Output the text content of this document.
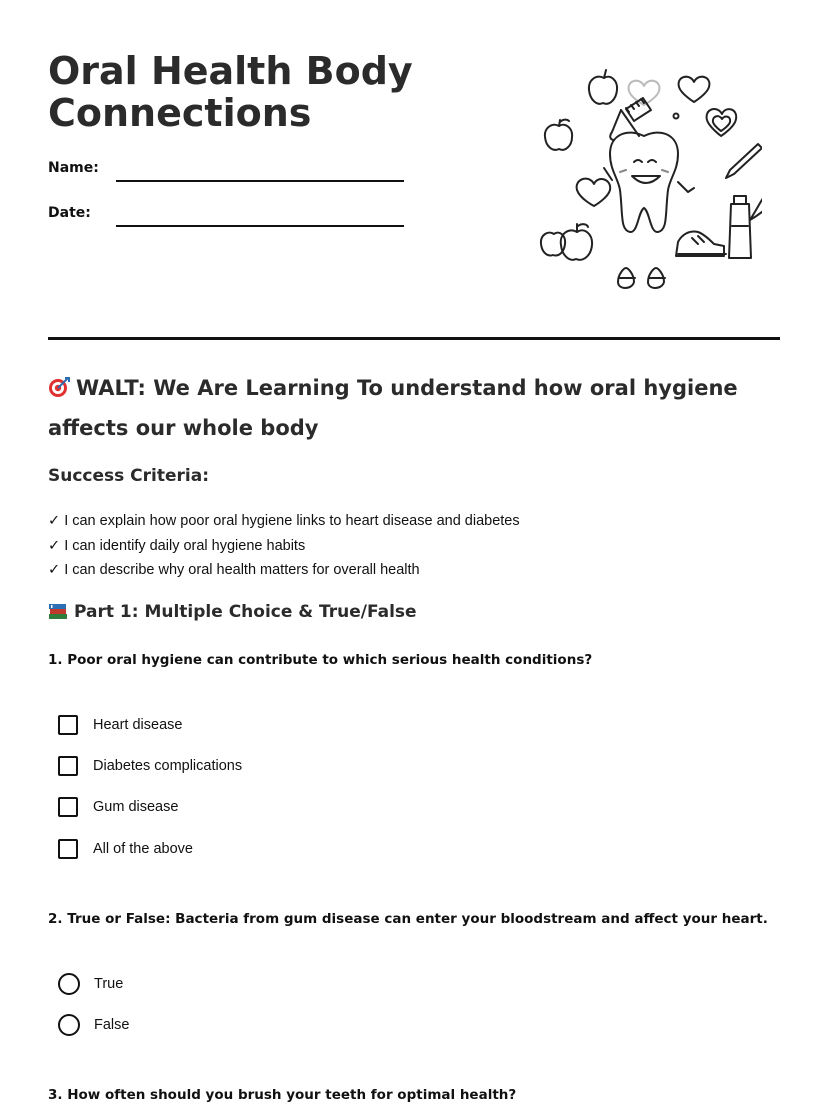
Oral Health Body Connections
Name:
Date:
WALT: We Are Learning To understand how oral hygiene affects our whole body
Success Criteria:
✓ I can explain how poor oral hygiene links to heart disease and diabetes
✓ I can identify daily oral hygiene habits
✓ I can describe why oral health matters for overall health
Part 1: Multiple Choice & True/False

1. Poor oral hygiene can contribute to which serious health conditions?

Heart disease
Diabetes complications
Gum disease
All of the above

2. True or False: Bacteria from gum disease can enter your bloodstream and affect your heart.

True
False

3. How often should you brush your teeth for optimal health?
